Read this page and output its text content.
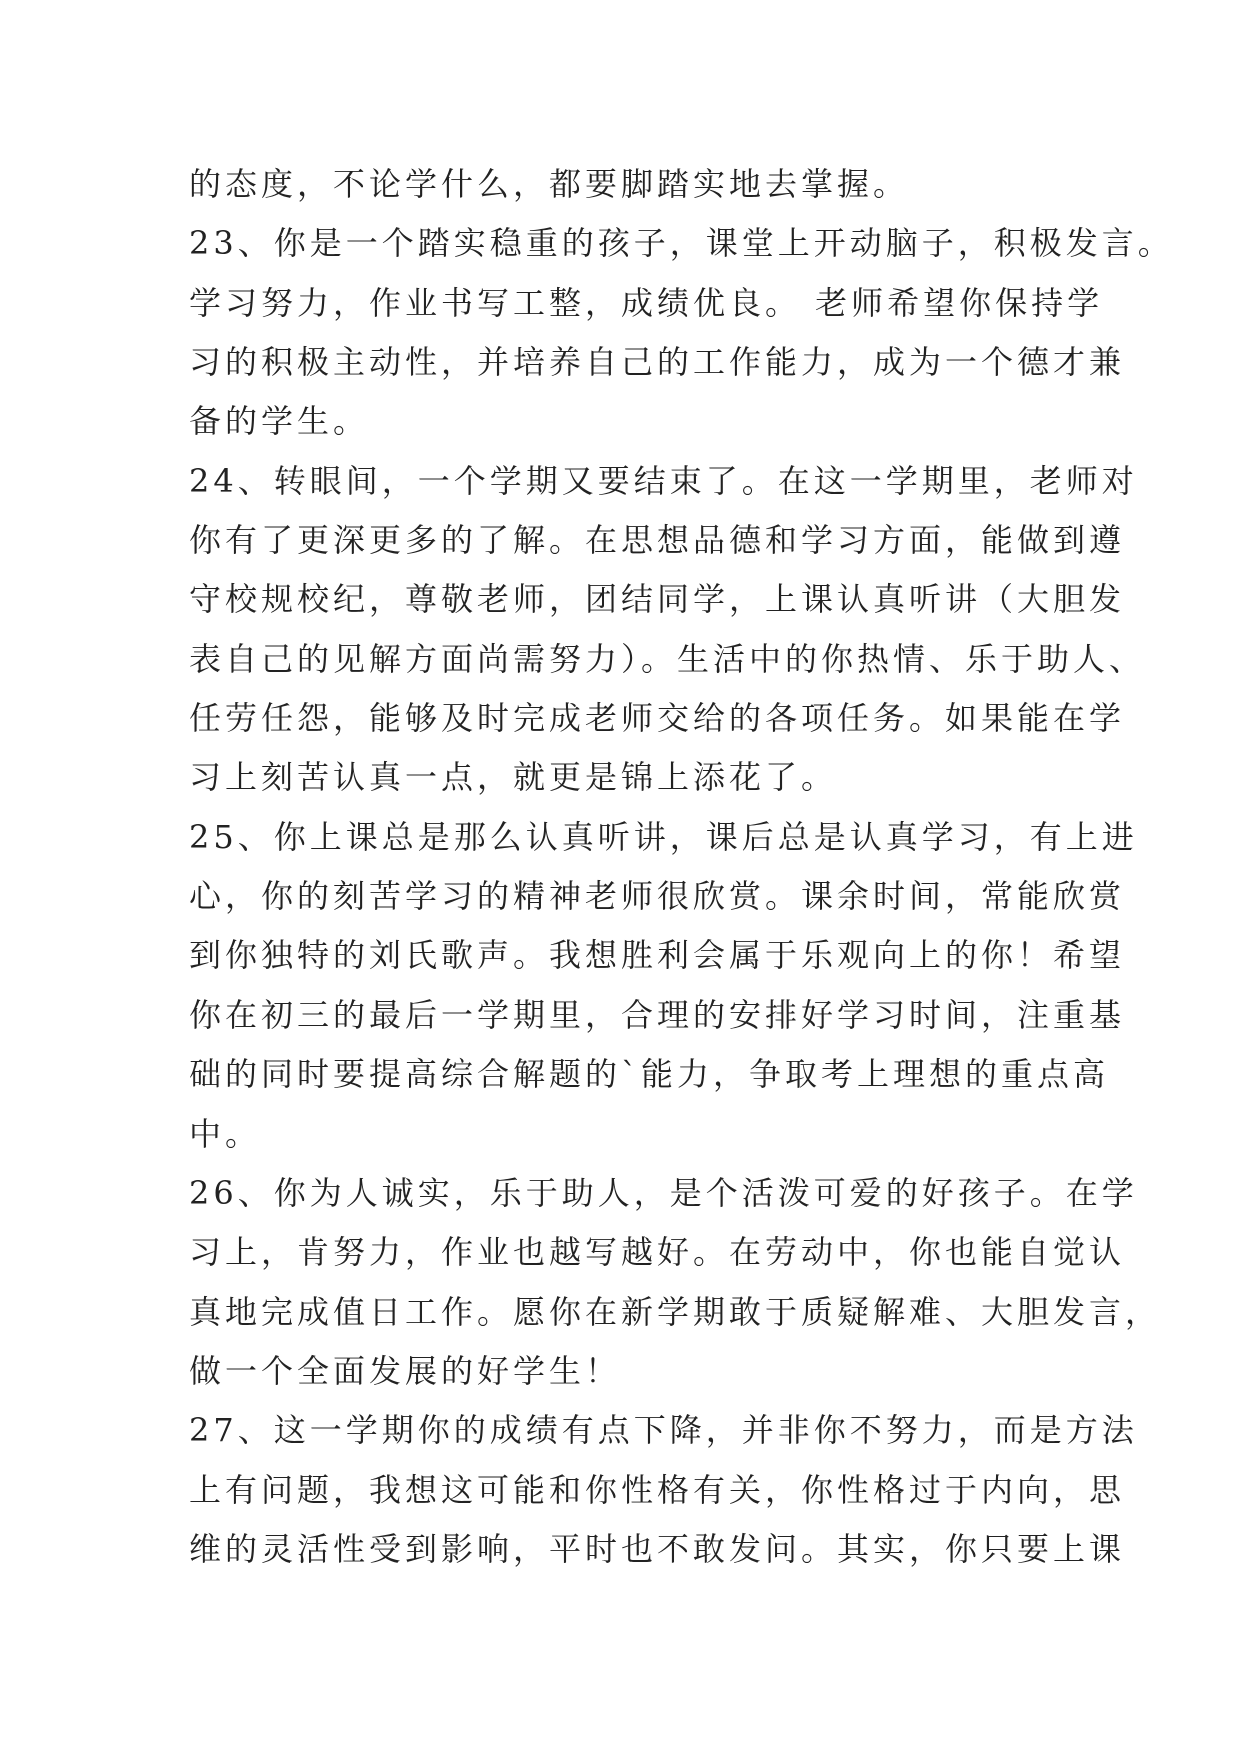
的态度，不论学什么，都要脚踏实地去掌握。
23、你是一个踏实稳重的孩子，课堂上开动脑子，积极发言。
学习努力，作业书写工整，成绩优良。 老师希望你保持学
习的积极主动性，并培养自己的工作能力，成为一个德才兼
备的学生。
24、转眼间，一个学期又要结束了。在这一学期里，老师对
你有了更深更多的了解。在思想品德和学习方面，能做到遵
守校规校纪，尊敬老师，团结同学，上课认真听讲（大胆发
表自己的见解方面尚需努力）。生活中的你热情、乐于助人、
任劳任怨，能够及时完成老师交给的各项任务。如果能在学
习上刻苦认真一点，就更是锦上添花了。
25、你上课总是那么认真听讲，课后总是认真学习，有上进
心，你的刻苦学习的精神老师很欣赏。课余时间，常能欣赏
到你独特的刘氏歌声。我想胜利会属于乐观向上的你！希望
你在初三的最后一学期里，合理的安排好学习时间，注重基
础的同时要提高综合解题的`能力，争取考上理想的重点高
中。
26、你为人诚实，乐于助人，是个活泼可爱的好孩子。在学
习上，肯努力，作业也越写越好。在劳动中，你也能自觉认
真地完成值日工作。愿你在新学期敢于质疑解难、大胆发言，
做一个全面发展的好学生！
27、这一学期你的成绩有点下降，并非你不努力，而是方法
上有问题，我想这可能和你性格有关，你性格过于内向，思
维的灵活性受到影响，平时也不敢发问。其实，你只要上课
